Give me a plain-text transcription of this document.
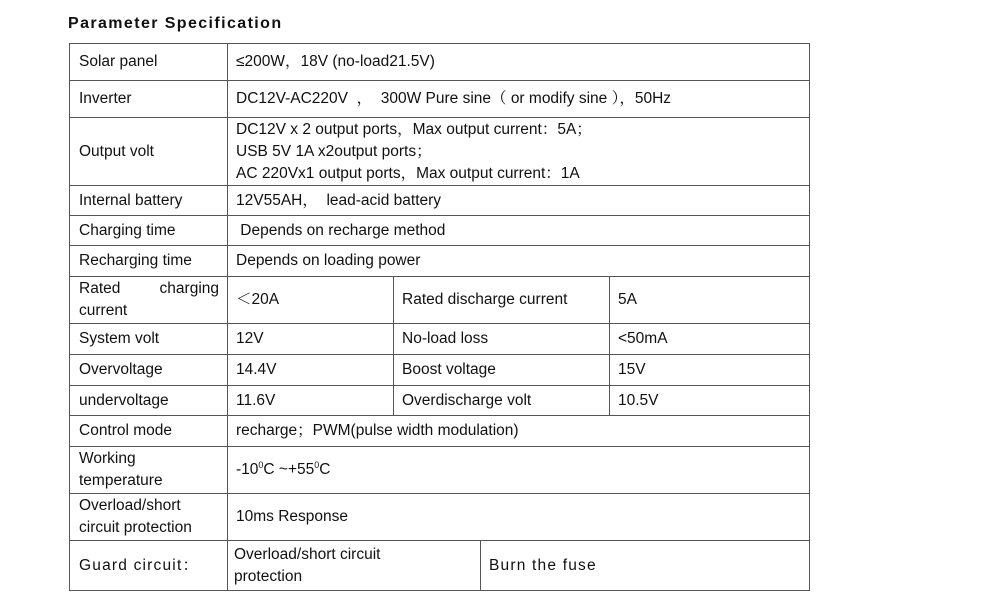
Parameter Specification
Solar panel	≤200W，18V (no-load21.5V)			
Inverter	DC12V-AC220V  ，  300W Pure sine（ or modify sine ），50Hz			
Output volt	DC12V x 2 output ports，Max output current：5A；
USB 5V 1A x2output ports；
AC 220Vx1 output ports，Max output current：1A			

Internal battery	12V55AH，  lead-acid battery			
Charging time	Depends on recharge method			
Recharging time	Depends on loading power			

Rated charging
current	＜20A	Rated discharge current		5A
System volt	12V	No-load loss		<50mA
Overvoltage	14.4V	Boost voltage		15V
undervoltage	11.6V	Overdischarge volt		10.5V
Control mode	recharge；PWM(pulse width modulation)			

Working
temperature	$-10^0C$ $\sim+55^0C$			

Overload/short
circuit protection	10ms Response			
Guard circuit：	Overload/short circuit
protection		Burn the fuse	
